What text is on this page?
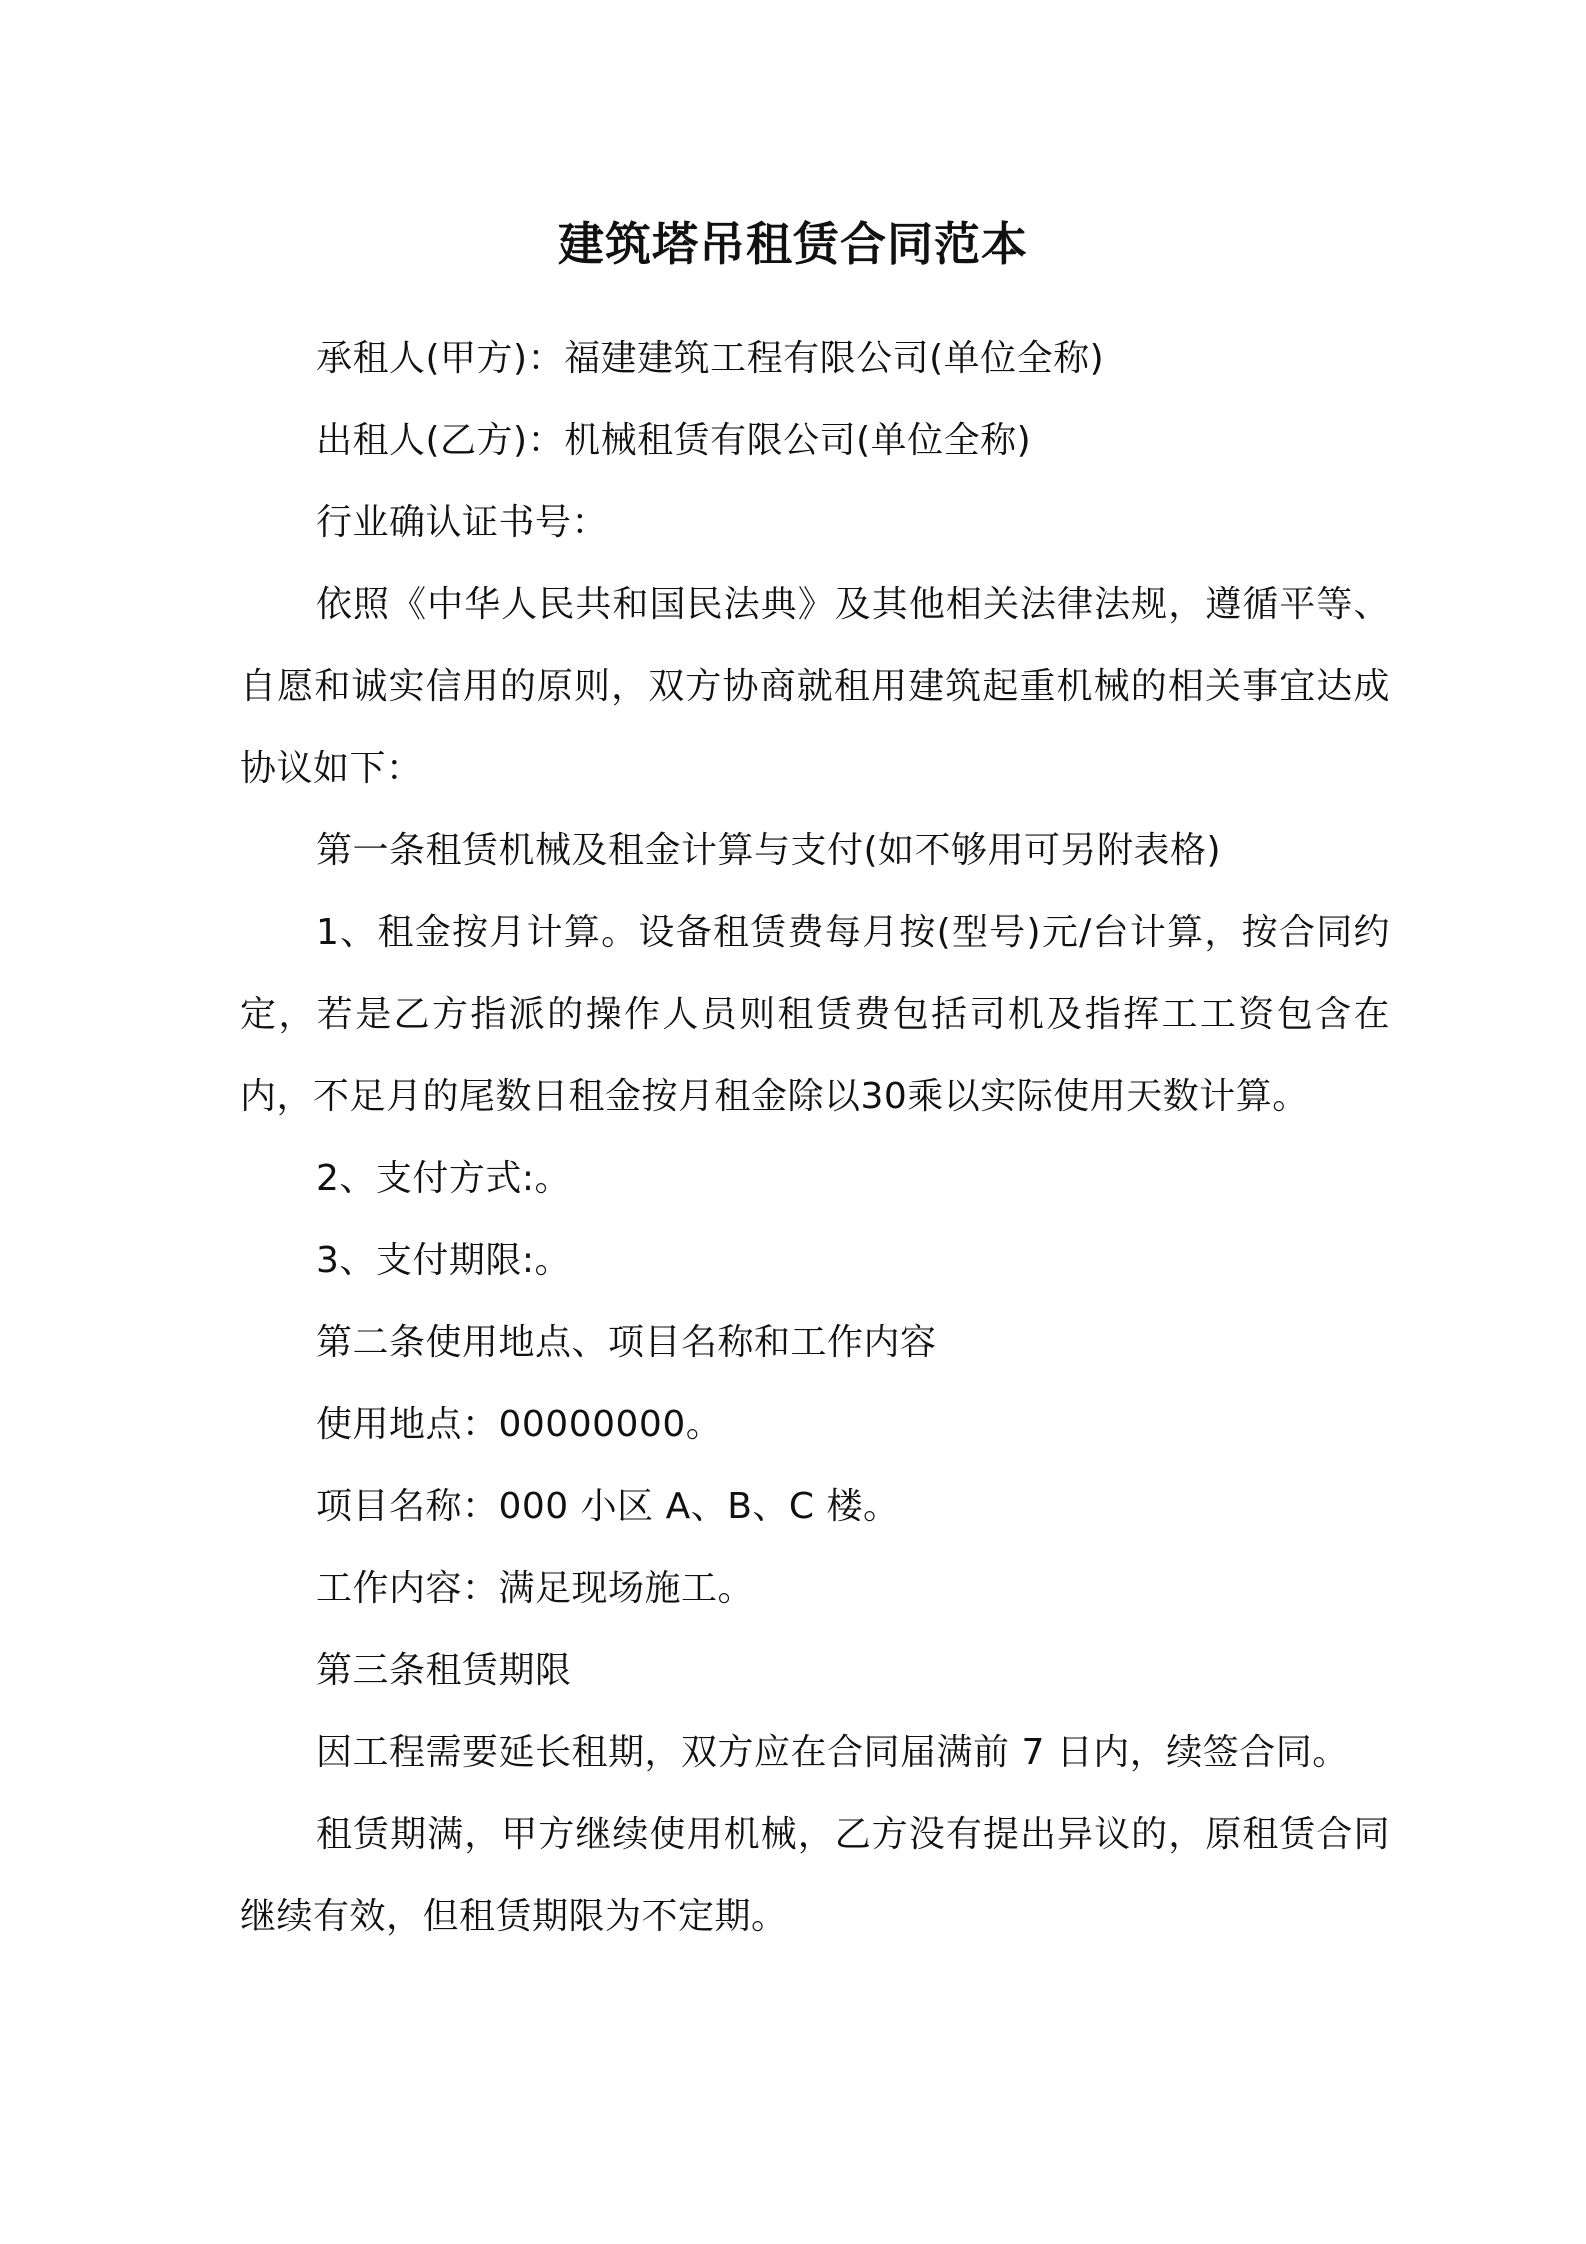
建筑塔吊租赁合同范本

承租人(甲方)：福建建筑工程有限公司(单位全称)

出租人(乙方)：机械租赁有限公司(单位全称)

行业确认证书号：

依照《中华人民共和国民法典》及其他相关法律法规，遵循平等、自愿和诚实信用的原则，双方协商就租用建筑起重机械的相关事宜达成协议如下：

第一条租赁机械及租金计算与支付(如不够用可另附表格)

1、租金按月计算。设备租赁费每月按(型号)元/台计算，按合同约定，若是乙方指派的操作人员则租赁费包括司机及指挥工工资包含在内，不足月的尾数日租金按月租金除以30乘以实际使用天数计算。

2、支付方式:。

3、支付期限:。

第二条使用地点、项目名称和工作内容

使用地点：00000000。

项目名称：000 小区 A、B、C 楼。

工作内容：满足现场施工。

第三条租赁期限

因工程需要延长租期，双方应在合同届满前 7 日内，续签合同。

租赁期满，甲方继续使用机械，乙方没有提出异议的，原租赁合同继续有效，但租赁期限为不定期。
